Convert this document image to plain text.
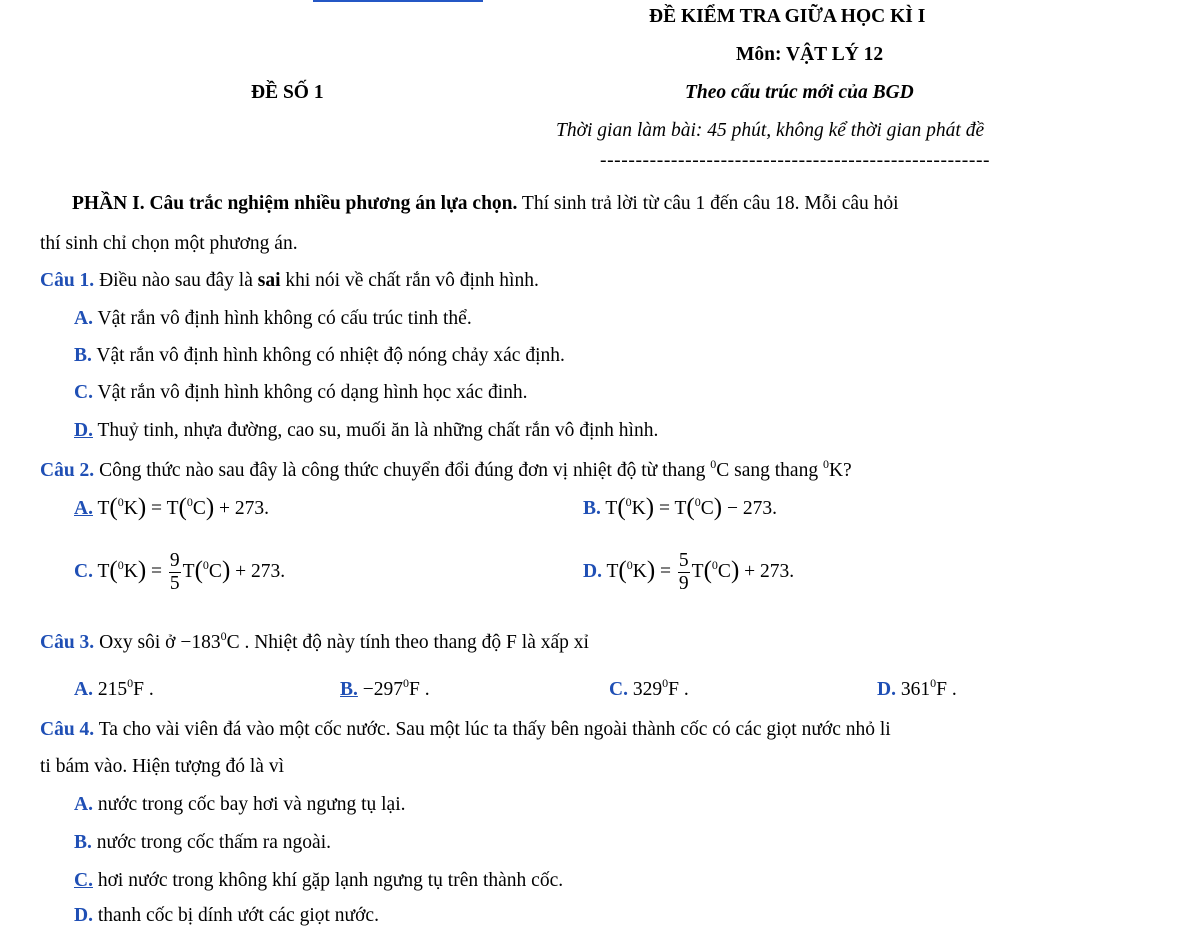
ĐỀ KIỂM TRA GIỮA HỌC KÌ I
Môn: VẬT LÝ 12
ĐỀ SỐ 1	Theo cấu trúc mới của BGD
Thời gian làm bài: 45 phút, không kể thời gian phát đề
-------------------------------------------------------
PHẦN I. Câu trắc nghiệm nhiều phương án lựa chọn. Thí sinh trả lời từ câu 1 đến câu 18. Mỗi câu hỏi
thí sinh chỉ chọn một phương án.
Câu 1. Điều nào sau đây là sai khi nói về chất rắn vô định hình.
A. Vật rắn vô định hình không có cấu trúc tinh thể.
B. Vật rắn vô định hình không có nhiệt độ nóng chảy xác định.
C. Vật rắn vô định hình không có dạng hình học xác đinh.
D. Thuỷ tinh, nhựa đường, cao su, muối ăn là những chất rắn vô định hình.
Câu 2. Công thức nào sau đây là công thức chuyển đổi đúng đơn vị nhiệt độ từ thang $^0$C sang thang $^0$K?
A. T($^0$K) = T($^0$C) + 273.	B. T($^0$K) = T($^0$C) − 273.
C. $T(^0K) = \frac{9}{5} T(^0C) + 273$.	D. $T(^0K) = \frac{5}{9} T(^0C) + 273$.
Câu 3. Oxy sôi ở $-183^0C$ . Nhiệt độ này tính theo thang độ F là xấp xỉ
A. $215^0F$ .	B. $-297^0F$ .	C. $329^0F$ .	D. $361^0F$ .
Câu 4. Ta cho vài viên đá vào một cốc nước. Sau một lúc ta thấy bên ngoài thành cốc có các giọt nước nhỏ li
ti bám vào. Hiện tượng đó là vì
A. nước trong cốc bay hơi và ngưng tụ lại.
B. nước trong cốc thấm ra ngoài.
C. hơi nước trong không khí gặp lạnh ngưng tụ trên thành cốc.
D. thanh cốc bị dính ướt các giọt nước.
